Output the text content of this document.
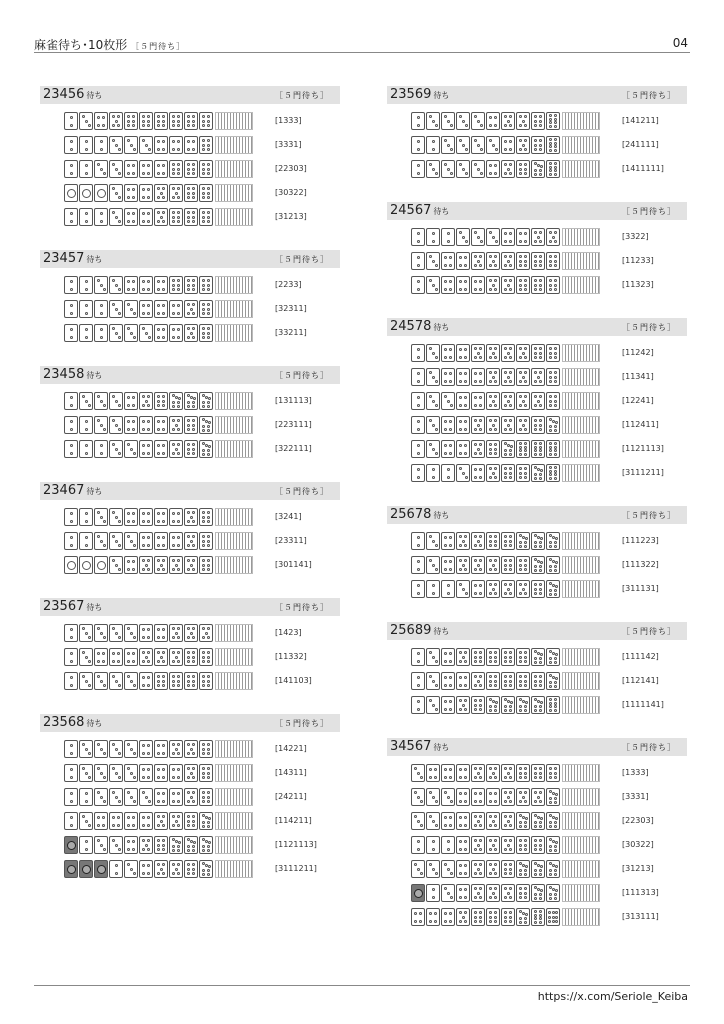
麻雀待ち･10枚形 ［５門待ち］	04
23456 待ち	［５門待ち］
[1333]
[3331]
[22303]
[30322]
[31213]
23457 待ち	［５門待ち］
[2233]
[32311]
[33211]
23458 待ち	［５門待ち］
[131113]
[223111]
[322111]
23467 待ち	［５門待ち］
[3241]
[23311]
[301141]
23567 待ち	［５門待ち］
[1423]
[11332]
[141103]
23568 待ち	［５門待ち］
[14221]
[14311]
[24211]
[114211]
[1121113]
[3111211]
23569 待ち	［５門待ち］
[141211]
[241111]
[1411111]
24567 待ち	［５門待ち］
[3322]
[11233]
[11323]
24578 待ち	［５門待ち］
[11242]
[11341]
[12241]
[112411]
[1121113]
[3111211]
25678 待ち	［５門待ち］
[111223]
[111322]
[311131]
25689 待ち	［５門待ち］
[111142]
[112141]
[1111141]
34567 待ち	［５門待ち］
[1333]
[3331]
[22303]
[30322]
[31213]
[111313]
[313111]
https://x.com/Seriole_Keiba
